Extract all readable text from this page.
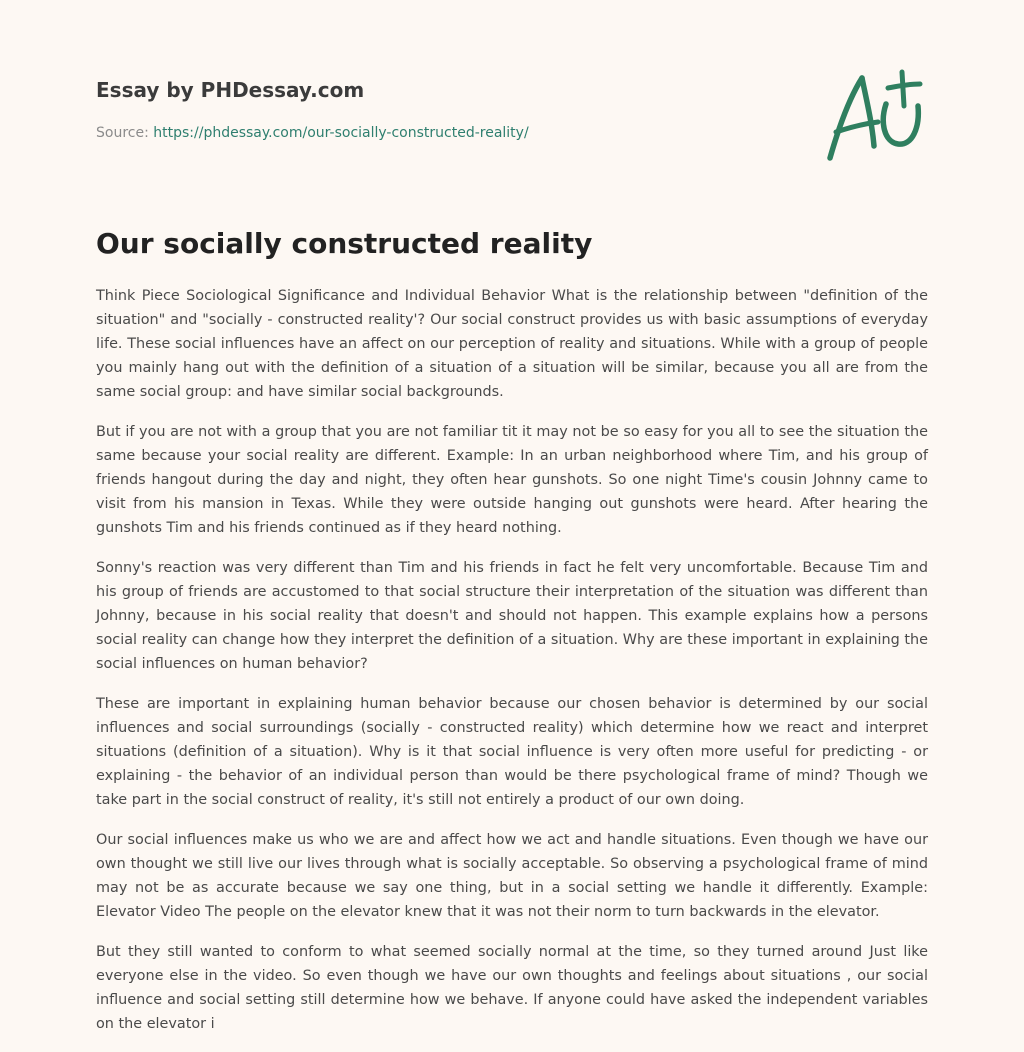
Essay by PHDessay.com
Source: https://phdessay.com/our-socially-constructed-reality/
Our socially constructed reality

Think Piece Sociological Significance and Individual Behavior What is the relationship between "definition of the situation" and "socially - constructed reality'? Our social construct provides us with basic assumptions of everyday life. These social influences have an affect on our perception of reality and situations. While with a group of people you mainly hang out with the definition of a situation of a situation will be similar, because you all are from the same social group: and have similar social backgrounds.

But if you are not with a group that you are not familiar tit it may not be so easy for you all to see the situation the same because your social reality are different. Example: In an urban neighborhood where Tim, and his group of friends hangout during the day and night, they often hear gunshots. So one night Time's cousin Johnny came to visit from his mansion in Texas. While they were outside hanging out gunshots were heard. After hearing the gunshots Tim and his friends continued as if they heard nothing.

Sonny's reaction was very different than Tim and his friends in fact he felt very uncomfortable. Because Tim and his group of friends are accustomed to that social structure their interpretation of the situation was different than Johnny, because in his social reality that doesn't and should not happen. This example explains how a persons social reality can change how they interpret the definition of a situation. Why are these important in explaining the social influences on human behavior?

These are important in explaining human behavior because our chosen behavior is determined by our social influences and social surroundings (socially - constructed reality) which determine how we react and interpret situations (definition of a situation). Why is it that social influence is very often more useful for predicting - or explaining - the behavior of an individual person than would be there psychological frame of mind? Though we take part in the social construct of reality, it's still not entirely a product of our own doing.

Our social influences make us who we are and affect how we act and handle situations. Even though we have our own thought we still live our lives through what is socially acceptable. So observing a psychological frame of mind may not be as accurate because we say one thing, but in a social setting we handle it differently. Example: Elevator Video The people on the elevator knew that it was not their norm to turn backwards in the elevator.

But they still wanted to conform to what seemed socially normal at the time, so they turned around Just like everyone else in the video. So even though we have our own thoughts and feelings about situations , our social influence and social setting still determine how we behave. If anyone could have asked the independent variables on the elevator i
